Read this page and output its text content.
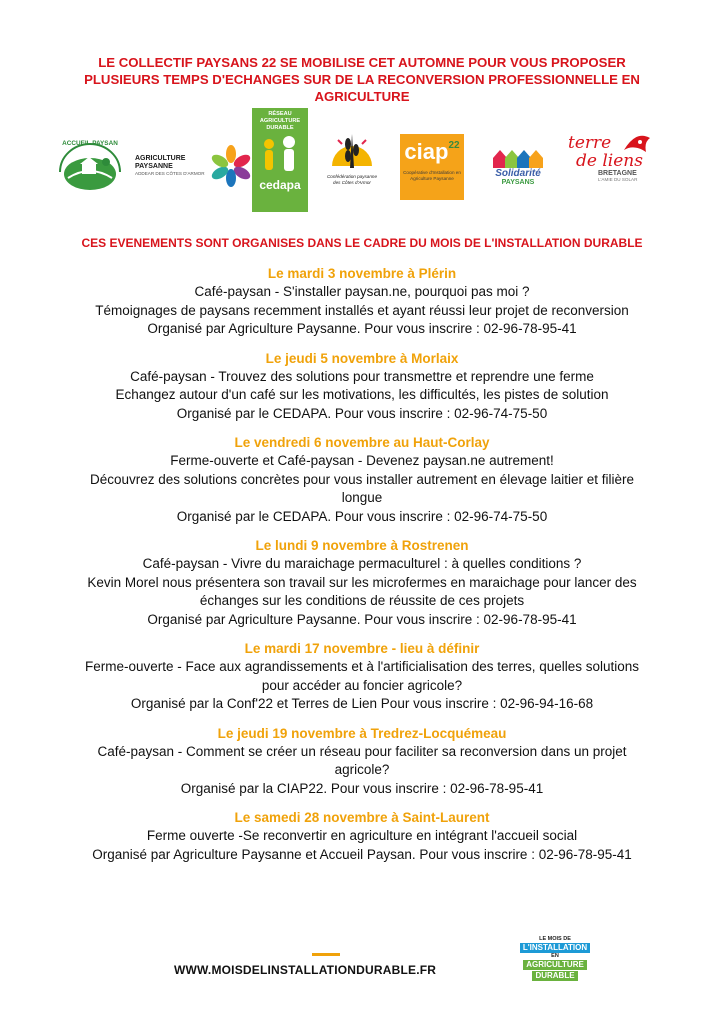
LE COLLECTIF PAYSANS 22 SE MOBILISE CET AUTOMNE POUR VOUS PROPOSER
PLUSIEURS TEMPS D'ECHANGES SUR DE LA RECONVERSION PROFESSIONNELLE EN
AGRICULTURE
ACCUEIL PAYSAN
AGRICULTURE
PAYSANNE
ADDEAR DES CÔTES D'ARMOR
RÉSEAU AGRICULTURE DURABLE
cedapa
Confédération paysanne des Côtes d'Armor
ciap 22
Coopérative d'Installation en Agriculture Paysanne	Solidarité
PAYSANS
terre
de liens
BRETAGNE
L'AMIE DU SOLAR
CES EVENEMENTS SONT ORGANISES DANS LE CADRE DU MOIS DE L'INSTALLATION DURABLE
Le mardi 3 novembre à Plérin
Café-paysan - S'installer paysan.ne, pourquoi pas moi ?
Témoignages de paysans recemment installés et ayant réussi leur projet de reconversion
Organisé par Agriculture Paysanne. Pour vous inscrire : 02-96-78-95-41
Le jeudi 5 novembre à Morlaix
Café-paysan - Trouvez des solutions pour transmettre et reprendre une ferme
Echangez autour d'un café sur les motivations, les difficultés, les pistes de solution
Organisé par le CEDAPA. Pour vous inscrire : 02-96-74-75-50
Le vendredi 6 novembre au Haut-Corlay
Ferme-ouverte et Café-paysan - Devenez paysan.ne autrement!
Découvrez des solutions concrètes pour vous installer autrement en élevage laitier et filière
longue
Organisé par le CEDAPA. Pour vous inscrire : 02-96-74-75-50
Le lundi 9 novembre à Rostrenen
Café-paysan - Vivre du maraichage permaculturel : à quelles conditions ?
Kevin Morel nous présentera son travail sur les microfermes en maraichage pour lancer des
échanges sur les conditions de réussite de ces projets
Organisé par Agriculture Paysanne. Pour vous inscrire : 02-96-78-95-41
Le mardi 17 novembre - lieu à définir
Ferme-ouverte - Face aux agrandissements et à l'artificialisation des terres, quelles solutions
pour accéder au foncier agricole?
Organisé par la Conf'22 et Terres de Lien Pour vous inscrire : 02-96-94-16-68
Le jeudi 19 novembre à Tredrez-Locquémeau
Café-paysan - Comment se créer un réseau pour faciliter sa reconversion dans un projet
agricole?
Organisé par la CIAP22. Pour vous inscrire : 02-96-78-95-41
Le samedi 28 novembre à Saint-Laurent
Ferme ouverte -Se reconvertir en agriculture en intégrant l'accueil social
Organisé par Agriculture Paysanne et Accueil Paysan. Pour vous inscrire : 02-96-78-95-41
WWW.MOISDELINSTALLATIONDURABLE.FR
LE MOIS DE
L'INSTALLATION
EN
AGRICULTURE
DURABLE
